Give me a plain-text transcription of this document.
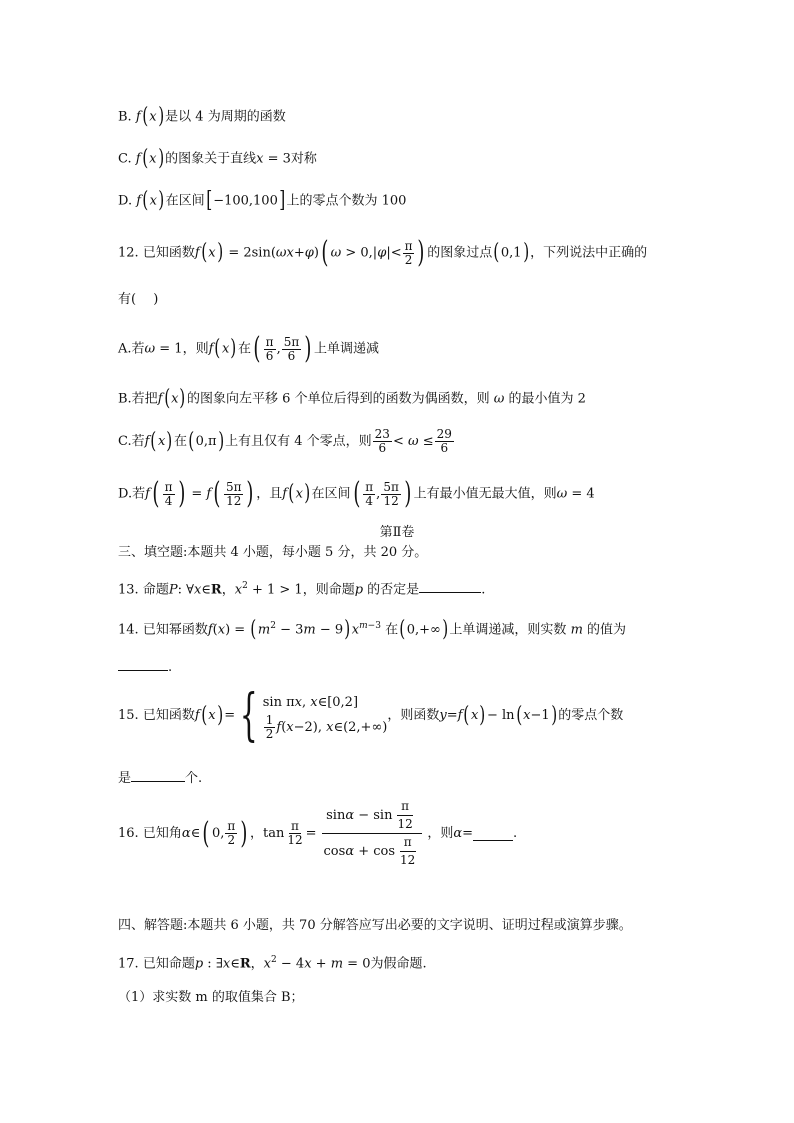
B. f(x)是以 4 为周期的函数
C. f(x)的图象关于直线x = 3对称
D. f(x)在区间[−100,100]上的零点个数为 100
12. 已知函数f(x) = 2sin(ωx+φ)( $\omega > 0,|\varphi|< \frac{\pi}{2}$ ) 的图象过点(0,1)，下列说法中正确的
有(　 )
A.若ω = 1，则f(x)在( $\frac{\pi}{6}$ , $\frac{5\pi}{6}$ ) 上单调递减
B.若把f(x)的图象向左平移 6 个单位后得到的函数为偶函数，则 ω 的最小值为 2
C.若f(x)在(0,π)上有且仅有 4 个零点，则 $\frac{23}{6} < \omega \le \frac{29}{6}$
D.若$f( \frac{\pi}{4}$ ) = $f( \frac{5\pi}{12}$ ) ，且f(x)在区间( $\frac{\pi}{4}$ , $\frac{5\pi}{12}$ ) 上有最小值无最大值，则ω = 4
第Ⅱ卷
三、填空题:本题共 4 小题，每小题 5 分，共 20 分。
13. 命题P: ∀x∈R，$x^2 + 1 > 1$，则命题p 的否定是	.
14. 已知幂函数$f(x) = (m^2 - 3m - 9)x^{m-3}$ 在(0,+∞)上单调递减，则实数 m 的值为
.
15.
已知函数 f ( x ) = { sin πx, x∈[0,2]
$\frac{1}{2} f(x-2)$, x∈(2,+∞)
，则函数 y = f ( x ) − ln ( x −1 ) 的零点个数
是	个.
16.
已知角 α ∈ ( 0, $\frac{\pi}{2}$ ) ，$\tan \frac{\pi}{12}$ =
$\sin\alpha - \sin \frac{\pi}{12}$
$\cos\alpha + \cos \frac{\pi}{12}$
，则 α =	.
四、解答题:本题共 6 小题，共 70 分解答应写出必要的文字说明、证明过程或演算步骤。
17. 已知命题p : ∃x∈R，$x^2 - 4x + m = 0$为假命题.
（1）求实数 m 的取值集合 B；
